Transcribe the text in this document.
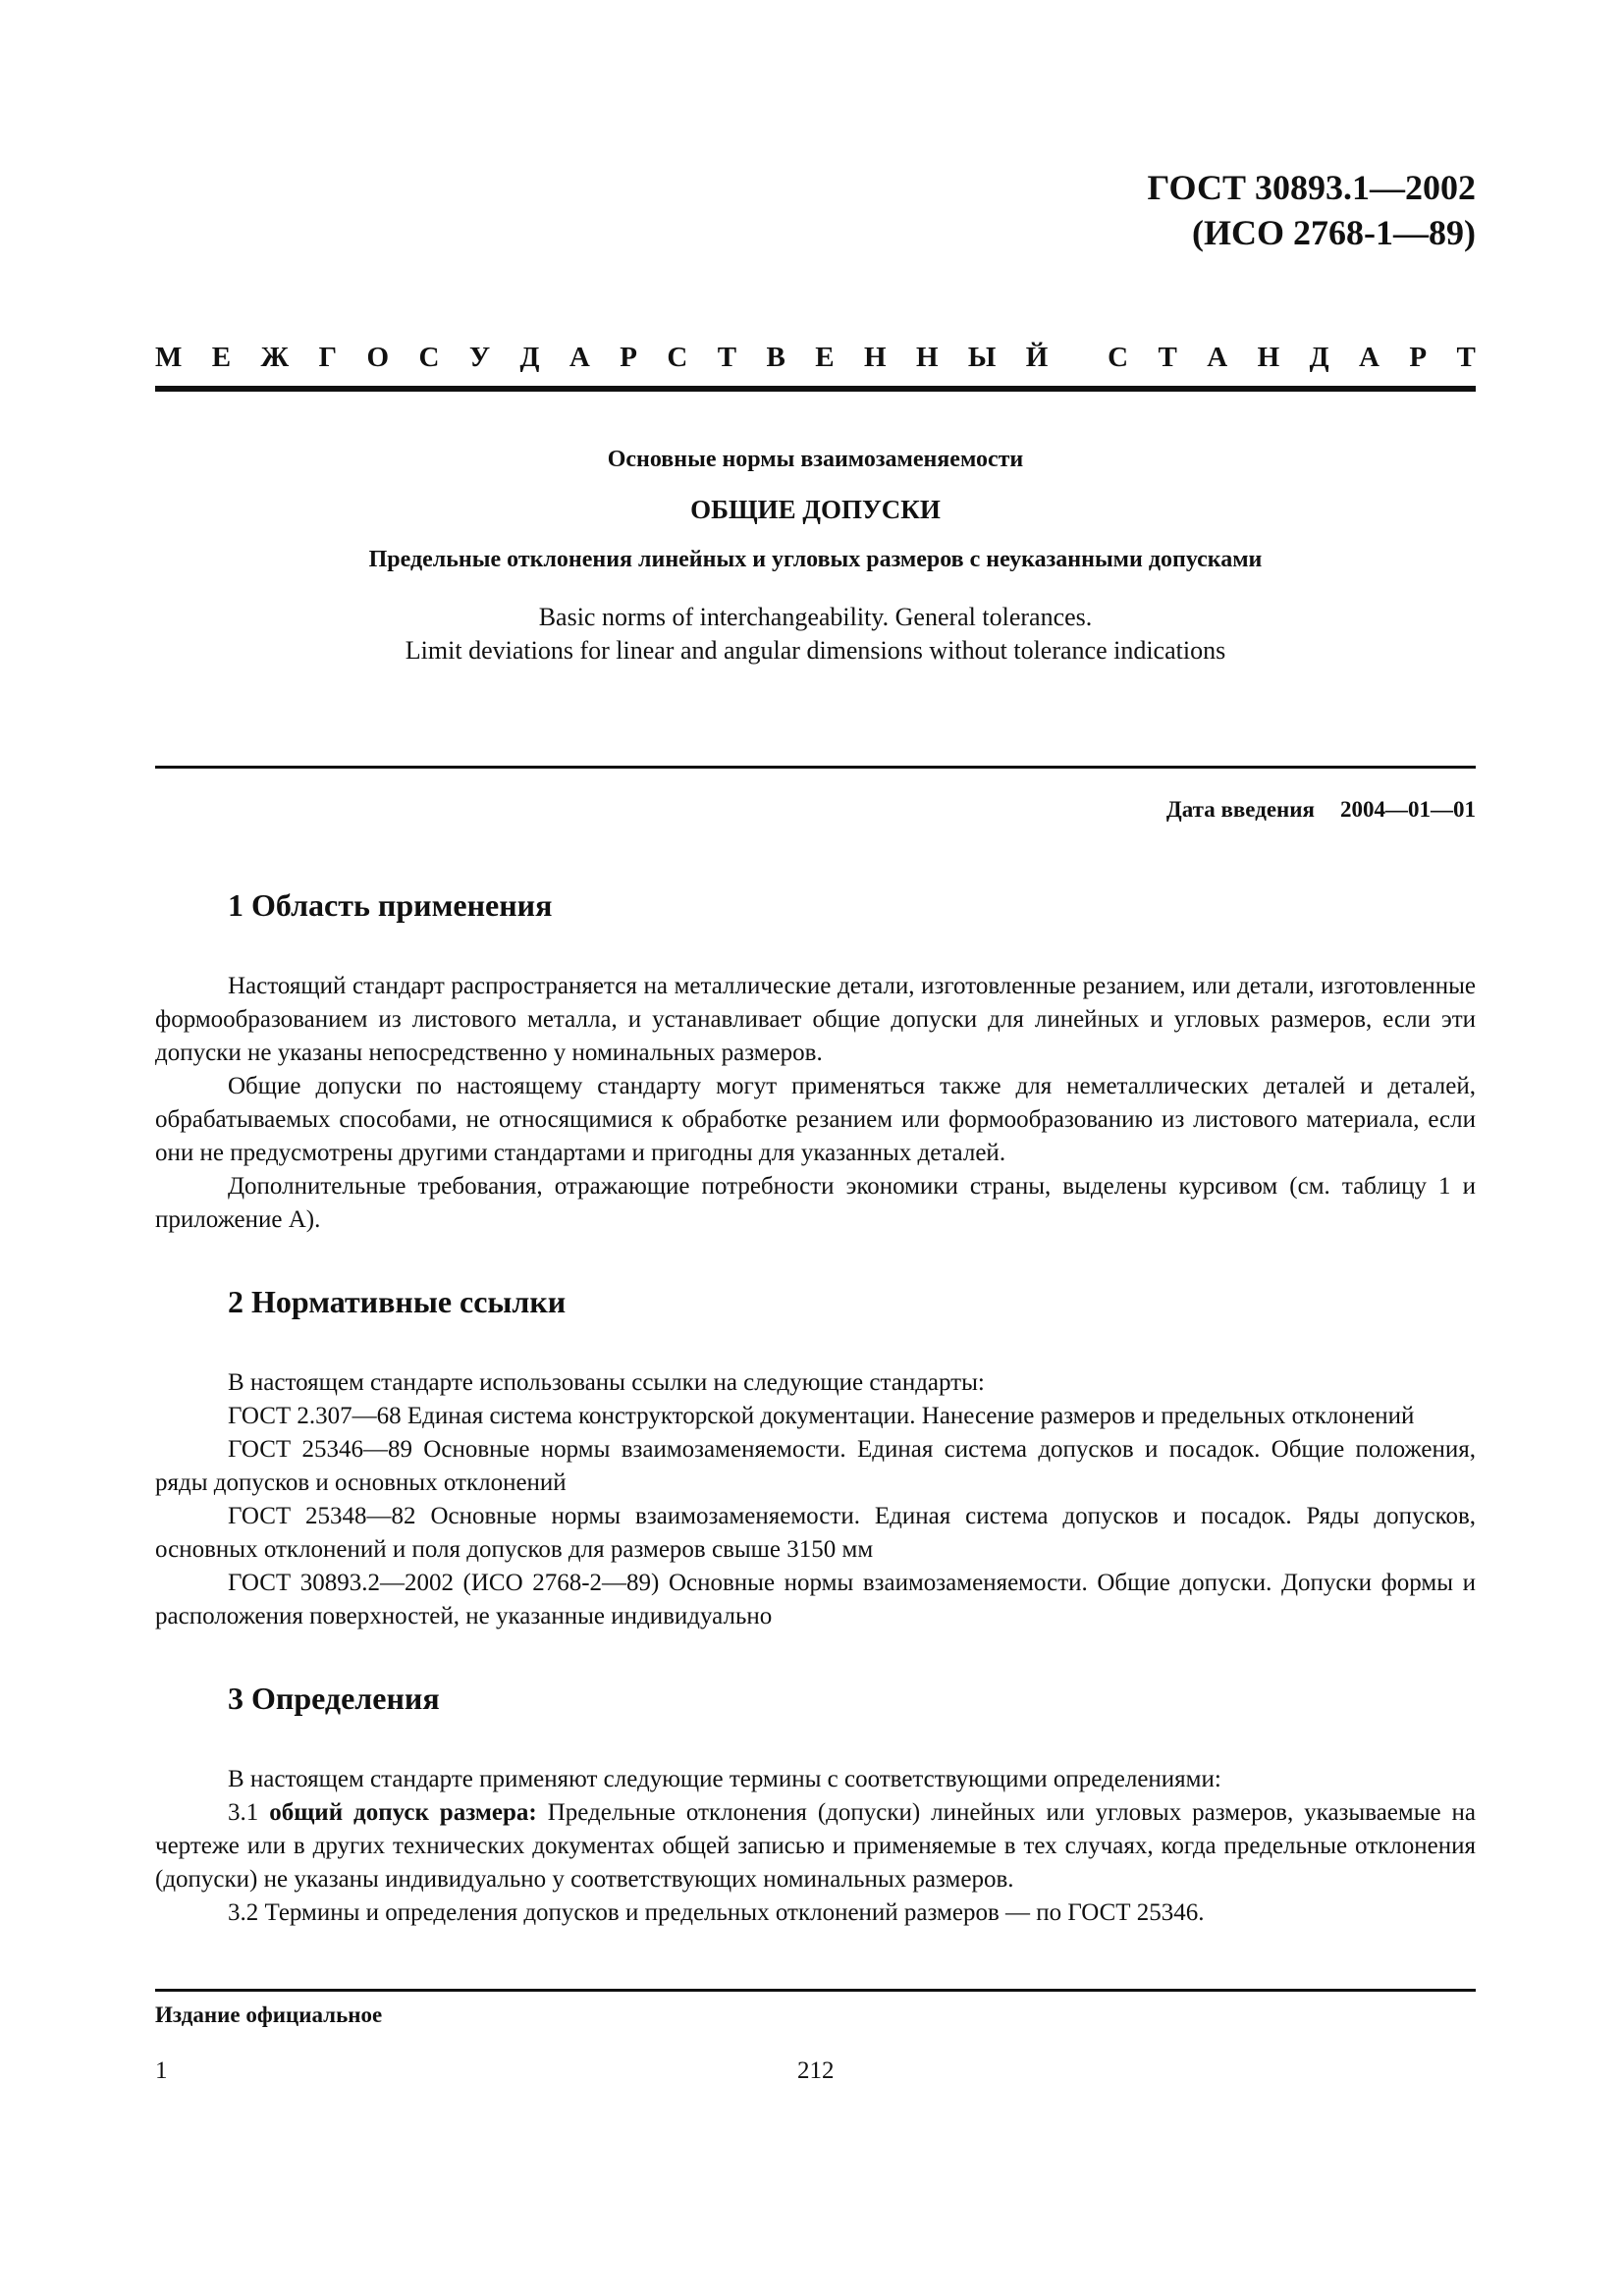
ГОСТ 30893.1—2002
(ИСО 2768-1—89)
М Е Ж Г О С У Д А Р С Т В Е Н Н Ы Й С Т А Н Д А Р Т
Основные нормы взаимозаменяемости
ОБЩИЕ ДОПУСКИ
Предельные отклонения линейных и угловых размеров с неуказанными допусками
Basic norms of interchangeability. General tolerances.
Limit deviations for linear and angular dimensions without tolerance indications
Дата введения 2004—01—01
1 Область применения

Настоящий стандарт распространяется на металлические детали, изготовленные резанием, или детали, изготовленные формообразованием из листового металла, и устанавливает общие допуски для линейных и угловых размеров, если эти допуски не указаны непосредственно у номинальных размеров.

Общие допуски по настоящему стандарту могут применяться также для неметаллических деталей и деталей, обрабатываемых способами, не относящимися к обработке резанием или формообразованию из листового материала, если они не предусмотрены другими стандартами и пригодны для указанных деталей.

Дополнительные требования, отражающие потребности экономики страны, выделены курсивом (см. таблицу 1 и приложение А).

2 Нормативные ссылки

В настоящем стандарте использованы ссылки на следующие стандарты:

ГОСТ 2.307—68 Единая система конструкторской документации. Нанесение размеров и предельных отклонений

ГОСТ 25346—89 Основные нормы взаимозаменяемости. Единая система допусков и посадок. Общие положения, ряды допусков и основных отклонений

ГОСТ 25348—82 Основные нормы взаимозаменяемости. Единая система допусков и посадок. Ряды допусков, основных отклонений и поля допусков для размеров свыше 3150 мм

ГОСТ 30893.2—2002 (ИСО 2768-2—89) Основные нормы взаимозаменяемости. Общие допуски. Допуски формы и расположения поверхностей, не указанные индивидуально

3 Определения

В настоящем стандарте применяют следующие термины с соответствующими определениями:

3.1 общий допуск размера: Предельные отклонения (допуски) линейных или угловых размеров, указываемые на чертеже или в других технических документах общей записью и применяемые в тех случаях, когда предельные отклонения (допуски) не указаны индивидуально у соответствующих номинальных размеров.

3.2 Термины и определения допусков и предельных отклонений размеров — по ГОСТ 25346.

Издание официальное
1	212
